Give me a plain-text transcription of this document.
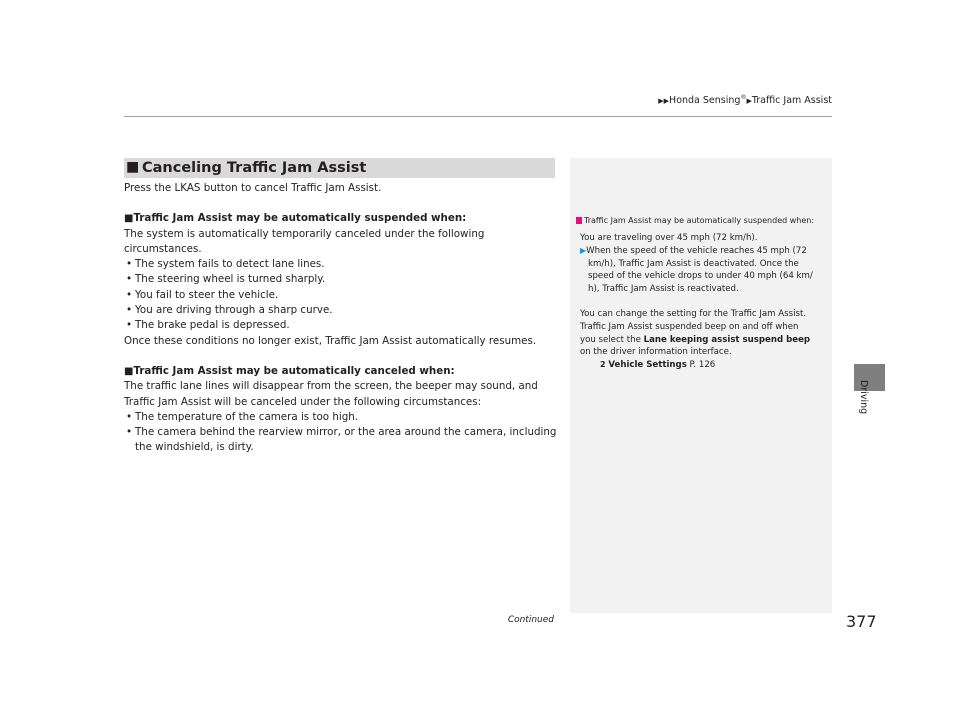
▶▶Honda Sensing®▶Traffic Jam Assist
■ Canceling Traffic Jam Assist
Press the LKAS button to cancel Traffic Jam Assist.
■Traffic Jam Assist may be automatically suspended when:
The system is automatically temporarily canceled under the following circumstances.
• The system fails to detect lane lines.
• The steering wheel is turned sharply.
• You fail to steer the vehicle.
• You are driving through a sharp curve.
• The brake pedal is depressed.
Once these conditions no longer exist, Traffic Jam Assist automatically resumes.
■Traffic Jam Assist may be automatically canceled when:
The traffic lane lines will disappear from the screen, the beeper may sound, and
Traffic Jam Assist will be canceled under the following circumstances:
• The temperature of the camera is too high.
• The camera behind the rearview mirror, or the area around the camera, including
the windshield, is dirty.
Traffic Jam Assist may be automatically suspended when:
You are traveling over 45 mph (72 km/h).
▶When the speed of the vehicle reaches 45 mph (72
km/h), Traffic Jam Assist is deactivated. Once the
speed of the vehicle drops to under 40 mph (64 km/
h), Traffic Jam Assist is reactivated.
You can change the setting for the Traffic Jam Assist.
Traffic Jam Assist suspended beep on and off when
you select the Lane keeping assist suspend beep
on the driver information interface.
2 Vehicle Settings P. 126
Driving
377
Continued
